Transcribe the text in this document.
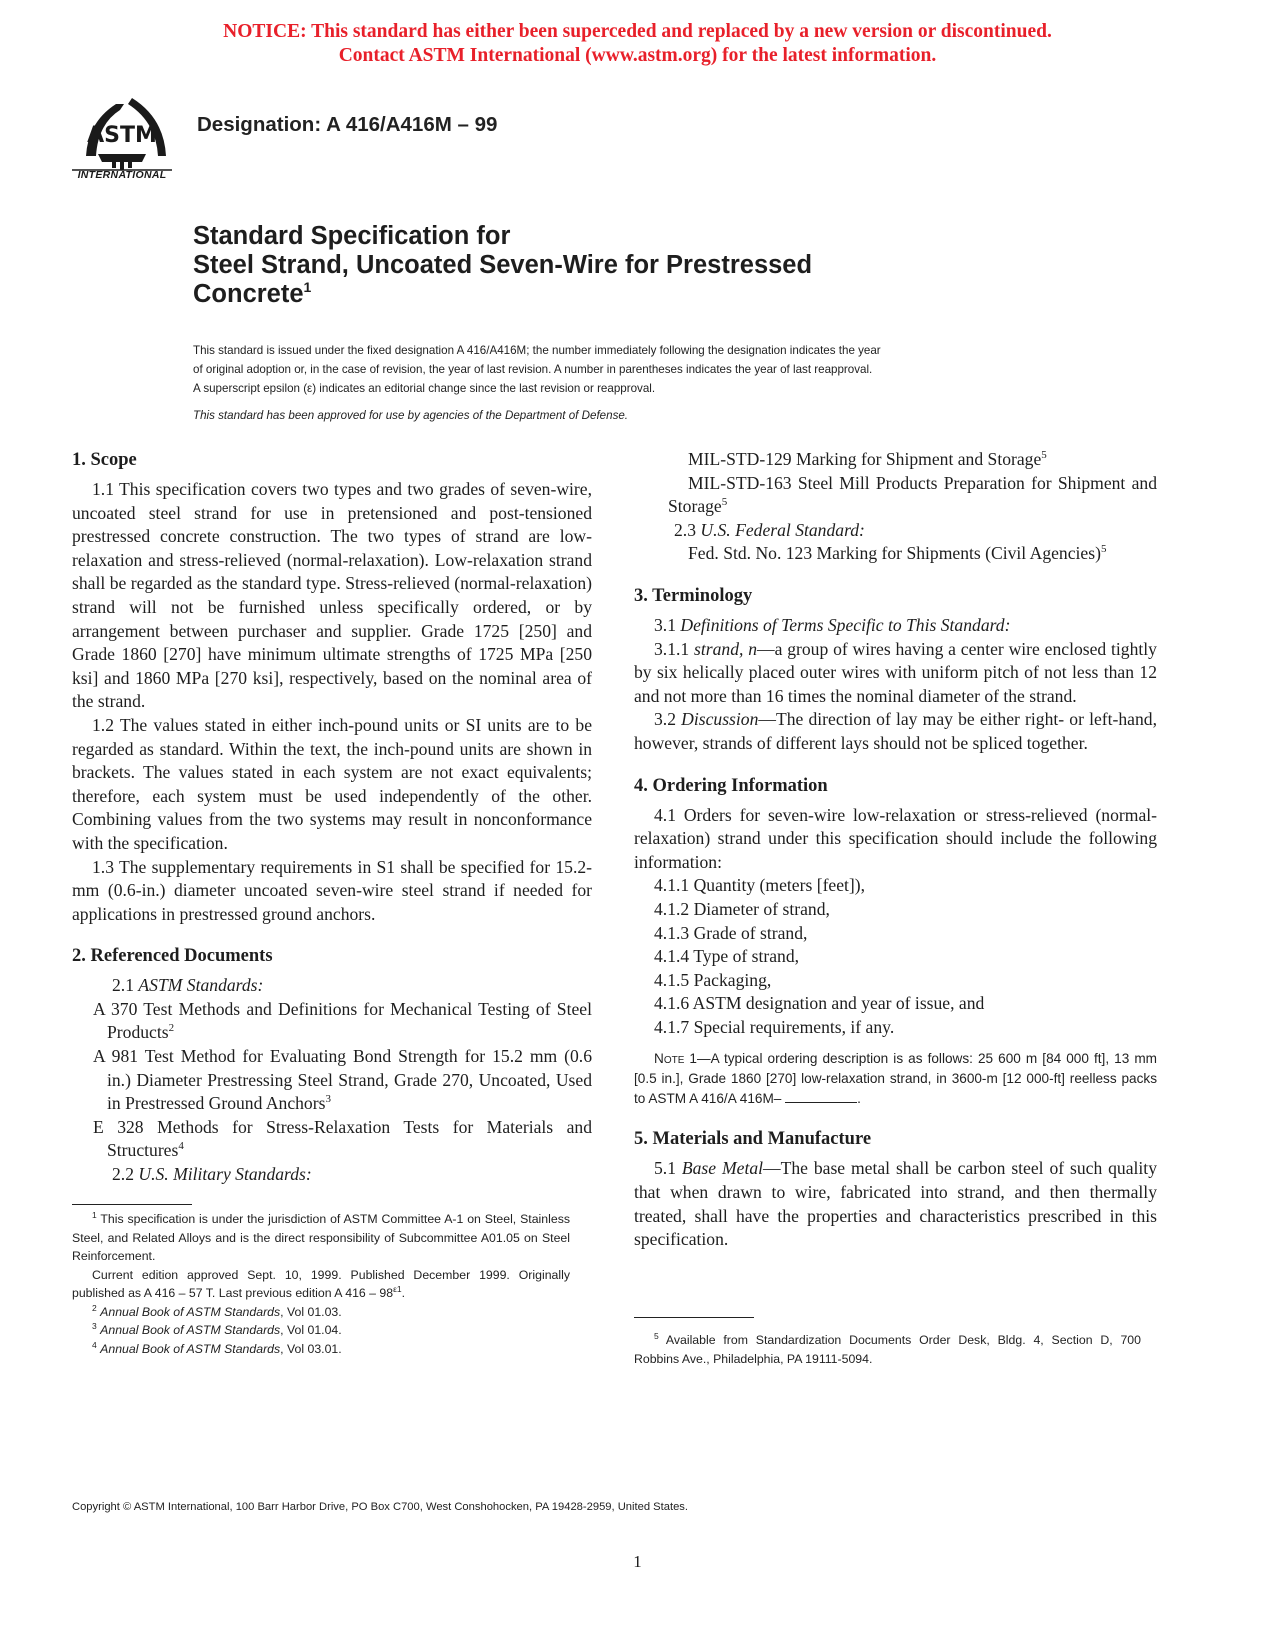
NOTICE: This standard has either been superceded and replaced by a new version or discontinued.
Contact ASTM International (www.astm.org) for the latest information.
ASTM
INTERNATIONAL
Designation: A 416/A416M – 99
Standard Specification for
Steel Strand, Uncoated Seven-Wire for Prestressed
Concrete$^1$
This standard is issued under the fixed designation A 416/A416M; the number immediately following the designation indicates the year
of original adoption or, in the case of revision, the year of last revision. A number in parentheses indicates the year of last reapproval.
A superscript epsilon (ε) indicates an editorial change since the last revision or reapproval.
This standard has been approved for use by agencies of the Department of Defense.
1. Scope

1.1 This specification covers two types and two grades of seven-wire, uncoated steel strand for use in pretensioned and post-tensioned prestressed concrete construction. The two types of strand are low-relaxation and stress-relieved (normal-relaxation). Low-relaxation strand shall be regarded as the standard type. Stress-relieved (normal-relaxation) strand will not be furnished unless specifically ordered, or by arrangement between purchaser and supplier. Grade 1725 [250] and Grade 1860 [270] have minimum ultimate strengths of 1725 MPa [250 ksi] and 1860 MPa [270 ksi], respectively, based on the nominal area of the strand.

1.2 The values stated in either inch-pound units or SI units are to be regarded as standard. Within the text, the inch-pound units are shown in brackets. The values stated in each system are not exact equivalents; therefore, each system must be used independently of the other. Combining values from the two systems may result in nonconformance with the specification.

1.3 The supplementary requirements in S1 shall be specified for 15.2-mm (0.6-in.) diameter uncoated seven-wire steel strand if needed for applications in prestressed ground anchors.

2. Referenced Documents

2.1 ASTM Standards:

A 370 Test Methods and Definitions for Mechanical Testing of Steel Products$^2$

A 981 Test Method for Evaluating Bond Strength for 15.2 mm (0.6 in.) Diameter Prestressing Steel Strand, Grade 270, Uncoated, Used in Prestressed Ground Anchors$^3$

E 328 Methods for Stress-Relaxation Tests for Materials and Structures$^4$

2.2 U.S. Military Standards:

$^1$ This specification is under the jurisdiction of ASTM Committee A-1 on Steel, Stainless Steel, and Related Alloys and is the direct responsibility of Subcommittee A01.05 on Steel Reinforcement.

Current edition approved Sept. 10, 1999. Published December 1999. Originally published as A 416 – 57 T. Last previous edition A $416 - 98^{\varepsilon 1}$.

$^2$ Annual Book of ASTM Standards, Vol 01.03.

$^3$ Annual Book of ASTM Standards, Vol 01.04.

$^4$ Annual Book of ASTM Standards, Vol 03.01.

MIL-STD-129 Marking for Shipment and Storage$^5$

MIL-STD-163 Steel Mill Products Preparation for Shipment and Storage$^5$

2.3 U.S. Federal Standard:

Fed. Std. No. 123 Marking for Shipments (Civil Agencies)$^5$

3. Terminology

3.1 Definitions of Terms Specific to This Standard:

3.1.1 strand, n—a group of wires having a center wire enclosed tightly by six helically placed outer wires with uniform pitch of not less than 12 and not more than 16 times the nominal diameter of the strand.

3.2 Discussion—The direction of lay may be either right- or left-hand, however, strands of different lays should not be spliced together.

4. Ordering Information

4.1 Orders for seven-wire low-relaxation or stress-relieved (normal-relaxation) strand under this specification should include the following information:

4.1.1 Quantity (meters [feet]),

4.1.2 Diameter of strand,

4.1.3 Grade of strand,

4.1.4 Type of strand,

4.1.5 Packaging,

4.1.6 ASTM designation and year of issue, and

4.1.7 Special requirements, if any.

Note 1—A typical ordering description is as follows: 25 600 m [84 000 ft], 13 mm [0.5 in.], Grade 1860 [270] low-relaxation strand, in 3600-m [12 000-ft] reelless packs to ASTM A 416/A 416M–	.

5. Materials and Manufacture

5.1 Base Metal—The base metal shall be carbon steel of such quality that when drawn to wire, fabricated into strand, and then thermally treated, shall have the properties and characteristics prescribed in this specification.

$^5$ Available from Standardization Documents Order Desk, Bldg. 4, Section D, 700 Robbins Ave., Philadelphia, PA 19111-5094.

Copyright © ASTM International, 100 Barr Harbor Drive, PO Box C700, West Conshohocken, PA 19428-2959, United States.
1
